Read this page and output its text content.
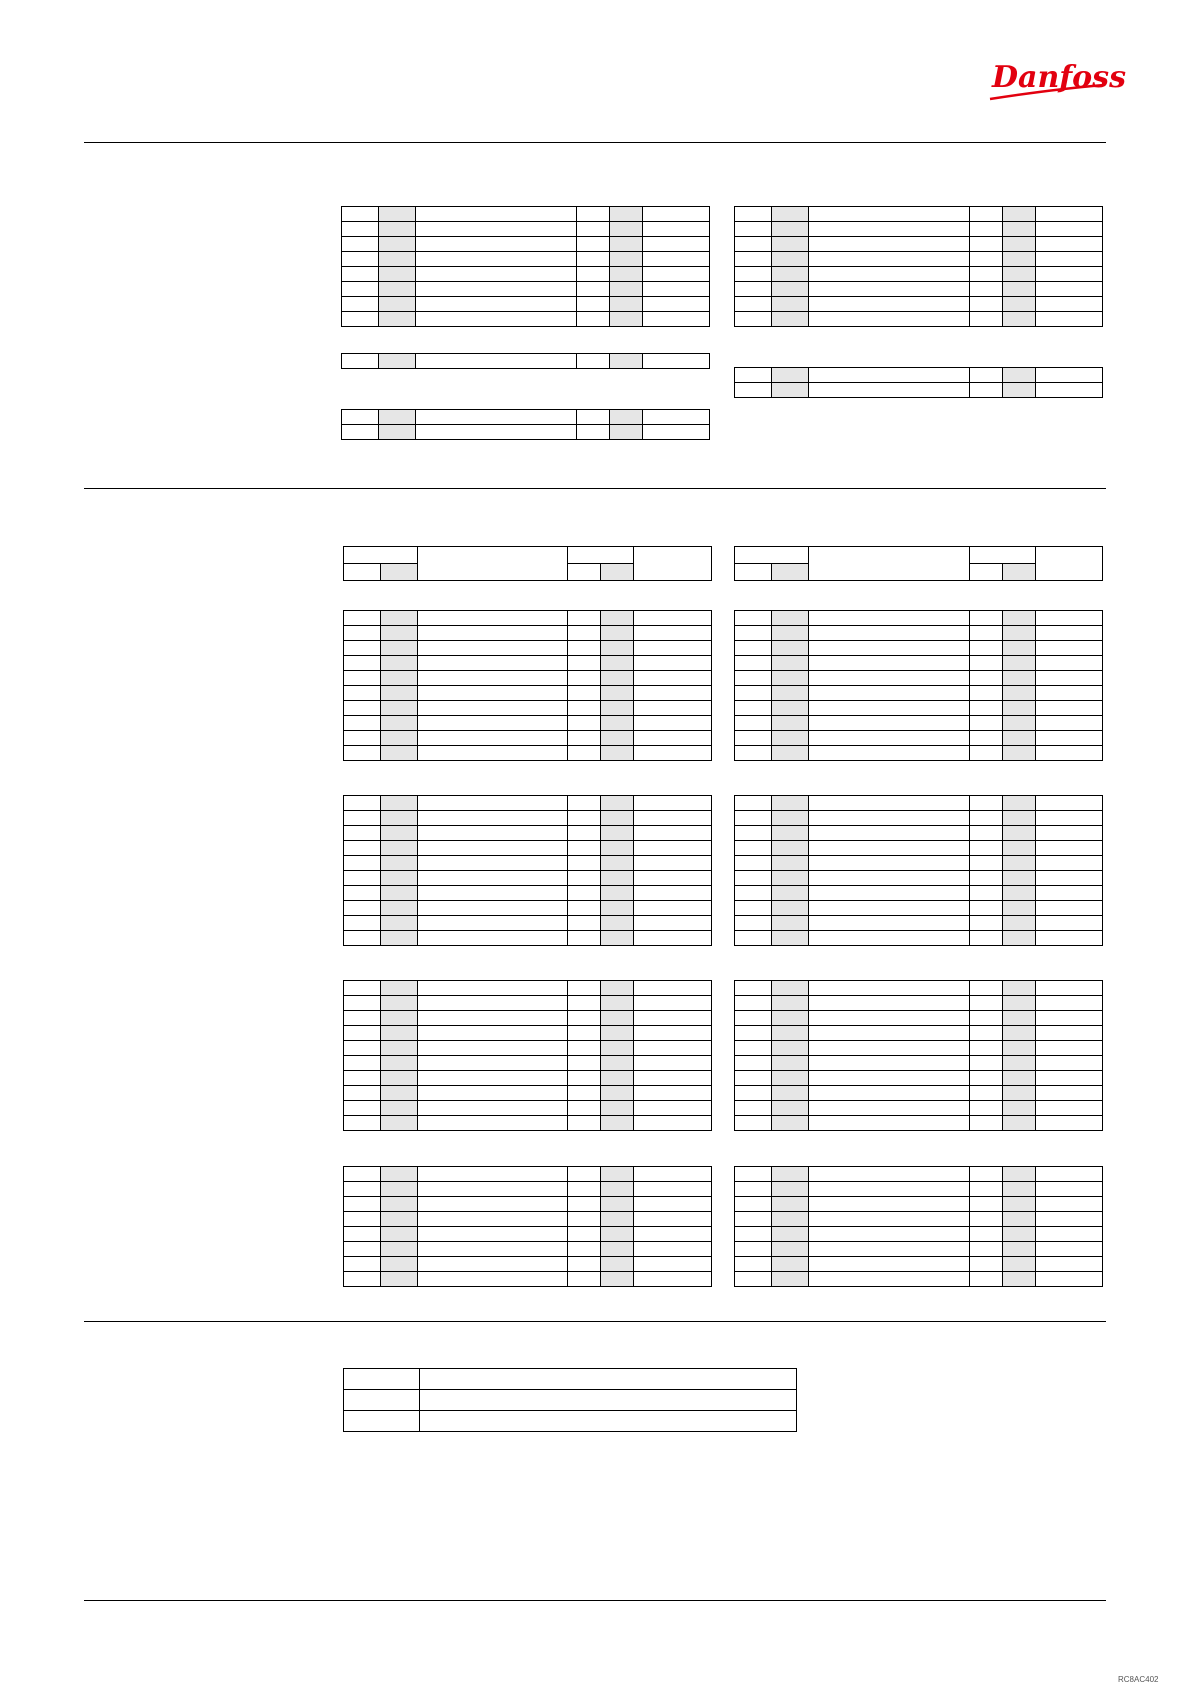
Danfoss

RC8AC402
